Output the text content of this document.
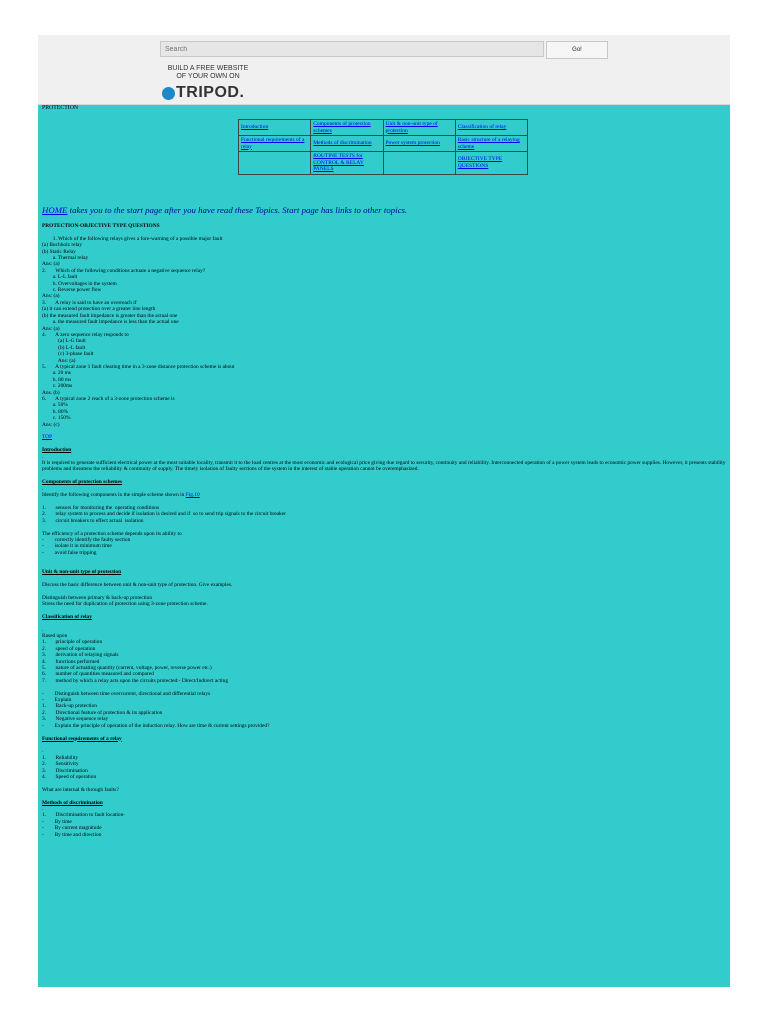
Search
Go!
BUILD A FREE WEBSITE
OF YOUR OWN ON
TRIPOD.
PROTECTION
Introduction	Components of protection schemes	Unit & non-unit type of protection	Classification of relay
Functional requirements of a relay	Methods of discrimination	Power system protection	Basic structure of a relaying scheme
	ROUTINE TESTS for CONTROL & RELAY PANELS		OBJECTIVE TYPE QUESTIONS
HOME takes you to the start page after you have read these Topics. Start page has links to other topics.
PROTECTION-OBJECTIVE TYPE QUESTIONS

1. Which of the following relays gives a fore-warning of a possible major fault
(a) Buchholz relay
(b) Static Relay
a. Thermal relay
Ans: (a)
2.       Which of the following conditions actuate a negative sequence relay?
a. L-L fault
b. Overvoltages in the system
c. Reverse power flow
Ans: (a)
3.       A relay is said to have an overreach if
(a) it can extend protection over a greater line length
(b) the measured fault impedance is greater than the actual one
a. the measured fault impedance is less than the actual one
Ans: (a)
4.       A zero sequence relay responds to
(a) L-G fault
(b) L-L fault
(c) 3-phase fault
Ans: (a)
5.       A typical zone 1 fault clearing time in a 3-zone distance protection scheme is about
a. 20 ms
b. 80 ms
c. 200ms
Ans. (b)
6.       A typical zone 2 reach of a 3-zone protection scheme is
a. 50%
b. 80%
c. 150%
Ans: (c)

TOP

Introduction
.
It is required to generate sufficient electrical power at the most suitable locality, transmit it to the load centres at the most economic and ecological price giving due regard to security, continuity and reliability. Interconnected operation of a power system leads to economic power supplies. However, it presents stability problems and threatens the reliability & continuity of supply. The timely isolation of faulty sections of the system in the interest of stable operation cannot be overemphasized.

Components of protection schemes
.
Identify the following components in the simple scheme shown in Fig.10

1.       sensors for monitoring the  operating conditions
2.       relay system to process and decide if isolation is desired and if  so to send trip signals to the circuit breaker
3.       circuit breakers to effect actual  isolation

The efficiency of a protection scheme depends upon its ability to
-        correctly identify the faulty section
-        isolate it in minimum time
-        avoid false tripping

Unit & non-unit type of protection

Discuss the basic difference between unit & non-unit type of protection. Give examples.

Distinguish between primary & back-up protection
Stress the need for duplication of protection using 3-zone protection scheme.

Classification of relay

.
Based upon
1.       principle of operation
2.       speed of operation
3.       derivation of relaying signals
4.       functions performed
5.       nature of actuating quantity (current, voltage, power, reverse power etc.)
6.       number of quantities measured and compared
7.       method by which a relay acts upon the circuits protected:- Direct/Indirect acting

-        Distinguish between time overcurrent, directional and differential relays
-        Explain
1.       Back-up protection
2.       Directional feature of protection & its application
3.       Negative sequence relay
-        Explain the principle of operation of the induction relay. How are time & current settings provided?

Functional requirements of a relay

.
1.       Reliability
2.       Sensitivity
3.       Discrimination
4.       Speed of operation

What are internal & through faults?

Methods of discrimination
.
1.       Discrimination to fault location-
-        By time
-        By current magnitude
-        By time and direction
